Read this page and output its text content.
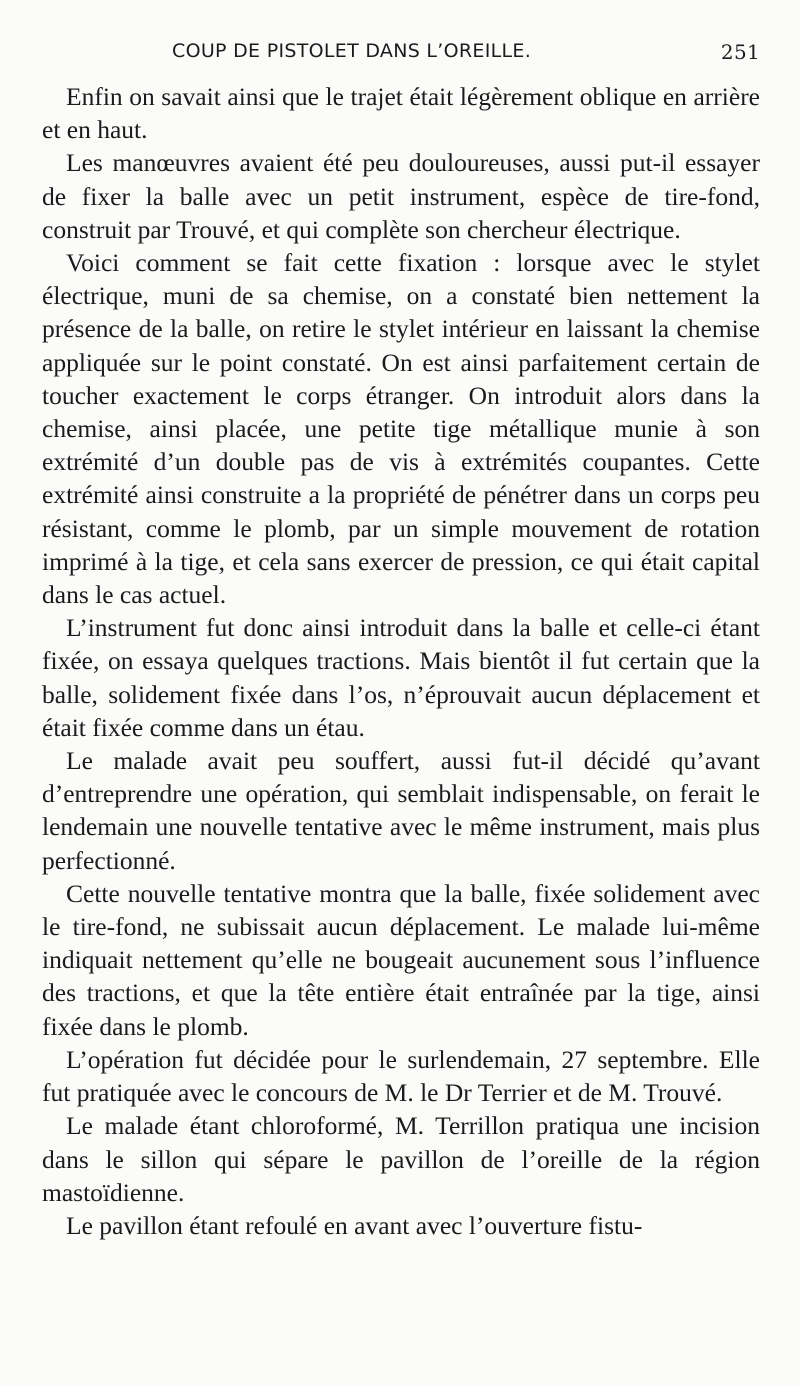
COUP DE PISTOLET DANS L’OREILLE.	251

Enfin on savait ainsi que le trajet était légèrement oblique en arrière et en haut.

Les manœuvres avaient été peu douloureuses, aussi put-il essayer de fixer la balle avec un petit instrument, espèce de tire-fond, construit par Trouvé, et qui complète son chercheur électrique.

Voici comment se fait cette fixation : lorsque avec le stylet électrique, muni de sa chemise, on a constaté bien nettement la présence de la balle, on retire le stylet intérieur en laissant la chemise appliquée sur le point constaté. On est ainsi parfaitement certain de toucher exactement le corps étranger. On introduit alors dans la chemise, ainsi placée, une petite tige métallique munie à son extrémité d’un double pas de vis à extrémités coupantes. Cette extrémité ainsi construite a la propriété de pénétrer dans un corps peu résistant, comme le plomb, par un simple mouvement de rotation imprimé à la tige, et cela sans exercer de pression, ce qui était capital dans le cas actuel.

L’instrument fut donc ainsi introduit dans la balle et celle-ci étant fixée, on essaya quelques tractions. Mais bientôt il fut certain que la balle, solidement fixée dans l’os, n’éprouvait aucun déplacement et était fixée comme dans un étau.

Le malade avait peu souffert, aussi fut-il décidé qu’avant d’entreprendre une opération, qui semblait indispensable, on ferait le lendemain une nouvelle tentative avec le même instrument, mais plus perfectionné.

Cette nouvelle tentative montra que la balle, fixée solidement avec le tire-fond, ne subissait aucun déplacement. Le malade lui-même indiquait nettement qu’elle ne bougeait aucunement sous l’influence des tractions, et que la tête entière était entraînée par la tige, ainsi fixée dans le plomb.

L’opération fut décidée pour le surlendemain, 27 septembre. Elle fut pratiquée avec le concours de M. le Dr Terrier et de M. Trouvé.

Le malade étant chloroformé, M. Terrillon pratiqua une incision dans le sillon qui sépare le pavillon de l’oreille de la région mastoïdienne.

Le pavillon étant refoulé en avant avec l’ouverture fistu-
